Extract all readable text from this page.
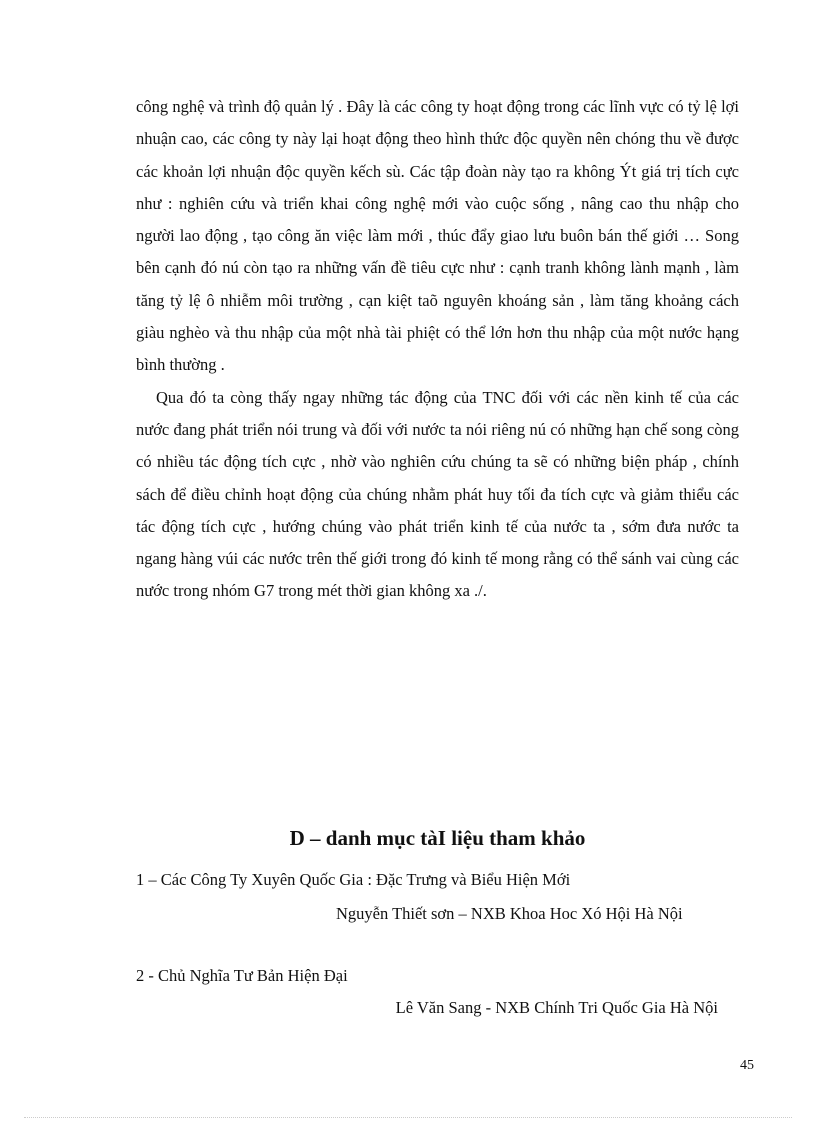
công nghệ và trình độ quản lý . Đây là các công ty hoạt động trong các lĩnh vực có tỷ lệ lợi nhuận cao, các công ty này lại hoạt động theo hình thức độc quyền nên chóng thu về được các khoản lợi nhuận độc quyền kếch sù. Các tập đoàn này tạo ra không Ýt giá trị tích cực như : nghiên cứu và triển khai công nghệ mới vào cuộc sống , nâng cao thu nhập cho người lao động , tạo công ăn việc làm mới , thúc đẩy giao lưu buôn bán thế giới … Song bên cạnh đó nú còn tạo ra những vấn đề tiêu cực như : cạnh tranh không lành mạnh , làm tăng tỷ lệ ô nhiễm môi trường , cạn kiệt taõ nguyên khoáng sản , làm tăng khoảng cách giàu nghèo và thu nhập của một nhà tài phiệt có thể lớn hơn thu nhập của một nước hạng bình thường .

Qua đó ta còng thấy ngay những tác động của TNC đối với các nền kinh tế của các nước đang phát triển nói trung và đối với nước ta nói riêng nú có những hạn chế song còng có nhiều tác động tích cực , nhờ vào nghiên cứu chúng ta sẽ có những biện pháp , chính sách để điều chỉnh hoạt động của chúng nhằm phát huy tối đa tích cực và giảm thiểu các tác động tích cực , hướng chúng vào phát triển kinh tế của nước ta , sớm đưa nước ta ngang hàng vúi các nước trên thế giới trong đó kinh tế mong rằng có thể sánh vai cùng các nước trong nhóm G7 trong mét thời gian không xa ./.

D – danh mục tàI liệu tham khảo
1 – Các Công Ty Xuyên Quốc Gia : Đặc Trưng và Biểu Hiện Mới
Nguyễn Thiết sơn – NXB Khoa Hoc Xó Hội Hà Nội
2 - Chủ Nghĩa Tư Bản Hiện Đại
Lê Văn Sang - NXB Chính Tri Quốc Gia Hà Nội
45
